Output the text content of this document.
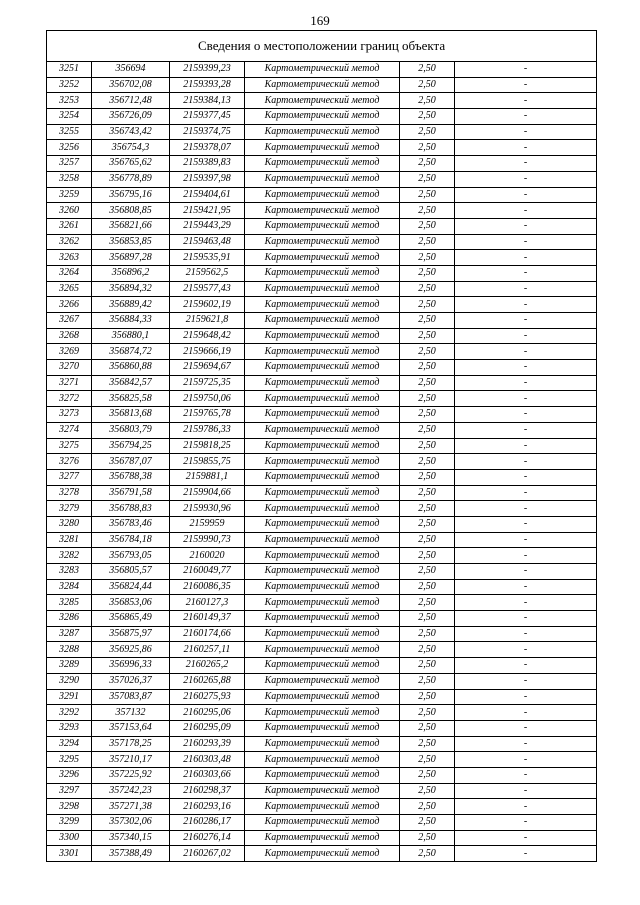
169
Сведения о местоположении границ объекта					
3251	356694	2159399,23	Картометрический метод	2,50	-
3252	356702,08	2159393,28	Картометрический метод	2,50	-
3253	356712,48	2159384,13	Картометрический метод	2,50	-
3254	356726,09	2159377,45	Картометрический метод	2,50	-
3255	356743,42	2159374,75	Картометрический метод	2,50	-
3256	356754,3	2159378,07	Картометрический метод	2,50	-
3257	356765,62	2159389,83	Картометрический метод	2,50	-
3258	356778,89	2159397,98	Картометрический метод	2,50	-
3259	356795,16	2159404,61	Картометрический метод	2,50	-
3260	356808,85	2159421,95	Картометрический метод	2,50	-
3261	356821,66	2159443,29	Картометрический метод	2,50	-
3262	356853,85	2159463,48	Картометрический метод	2,50	-
3263	356897,28	2159535,91	Картометрический метод	2,50	-
3264	356896,2	2159562,5	Картометрический метод	2,50	-
3265	356894,32	2159577,43	Картометрический метод	2,50	-
3266	356889,42	2159602,19	Картометрический метод	2,50	-
3267	356884,33	2159621,8	Картометрический метод	2,50	-
3268	356880,1	2159648,42	Картометрический метод	2,50	-
3269	356874,72	2159666,19	Картометрический метод	2,50	-
3270	356860,88	2159694,67	Картометрический метод	2,50	-
3271	356842,57	2159725,35	Картометрический метод	2,50	-
3272	356825,58	2159750,06	Картометрический метод	2,50	-
3273	356813,68	2159765,78	Картометрический метод	2,50	-
3274	356803,79	2159786,33	Картометрический метод	2,50	-
3275	356794,25	2159818,25	Картометрический метод	2,50	-
3276	356787,07	2159855,75	Картометрический метод	2,50	-
3277	356788,38	2159881,1	Картометрический метод	2,50	-
3278	356791,58	2159904,66	Картометрический метод	2,50	-
3279	356788,83	2159930,96	Картометрический метод	2,50	-
3280	356783,46	2159959	Картометрический метод	2,50	-
3281	356784,18	2159990,73	Картометрический метод	2,50	-
3282	356793,05	2160020	Картометрический метод	2,50	-
3283	356805,57	2160049,77	Картометрический метод	2,50	-
3284	356824,44	2160086,35	Картометрический метод	2,50	-
3285	356853,06	2160127,3	Картометрический метод	2,50	-
3286	356865,49	2160149,37	Картометрический метод	2,50	-
3287	356875,97	2160174,66	Картометрический метод	2,50	-
3288	356925,86	2160257,11	Картометрический метод	2,50	-
3289	356996,33	2160265,2	Картометрический метод	2,50	-
3290	357026,37	2160265,88	Картометрический метод	2,50	-
3291	357083,87	2160275,93	Картометрический метод	2,50	-
3292	357132	2160295,06	Картометрический метод	2,50	-
3293	357153,64	2160295,09	Картометрический метод	2,50	-
3294	357178,25	2160293,39	Картометрический метод	2,50	-
3295	357210,17	2160303,48	Картометрический метод	2,50	-
3296	357225,92	2160303,66	Картометрический метод	2,50	-
3297	357242,23	2160298,37	Картометрический метод	2,50	-
3298	357271,38	2160293,16	Картометрический метод	2,50	-
3299	357302,06	2160286,17	Картометрический метод	2,50	-
3300	357340,15	2160276,14	Картометрический метод	2,50	-
3301	357388,49	2160267,02	Картометрический метод	2,50	-
